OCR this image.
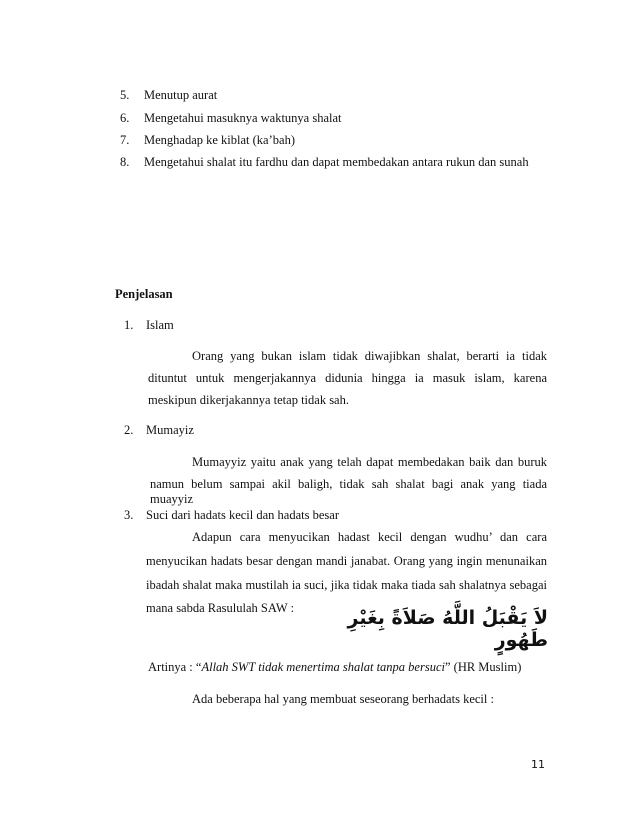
5. Menutup aurat
6. Mengetahui masuknya waktunya shalat
7. Menghadap ke kiblat (ka’bah)
8. Mengetahui shalat itu fardhu dan dapat membedakan antara rukun dan sunah
Penjelasan
1. Islam
Orang yang bukan islam tidak diwajibkan shalat, berarti ia tidak
dituntut untuk mengerjakannya didunia hingga ia masuk islam, karena
meskipun dikerjakannya tetap tidak sah.
2. Mumayiz
Mumayyiz yaitu anak yang telah dapat membedakan baik dan buruk
namun belum sampai akil baligh, tidak sah shalat bagi anak yang tiada muayyiz
3. Suci dari hadats kecil dan hadats besar
Adapun cara menyucikan hadast kecil dengan wudhu’ dan cara
menyucikan hadats besar dengan mandi janabat. Orang yang ingin menunaikan
ibadah shalat maka mustilah ia suci, jika tidak maka tiada sah shalatnya sebagai
mana sabda Rasululah SAW :	لاَ يَقْبَلُ اللَّهُ صَلاَةً بِغَيْرِ طَهُورٍ
Artinya : “Allah SWT tidak menertima shalat tanpa bersuci” (HR Muslim)
Ada beberapa hal yang membuat seseorang berhadats kecil :
11
